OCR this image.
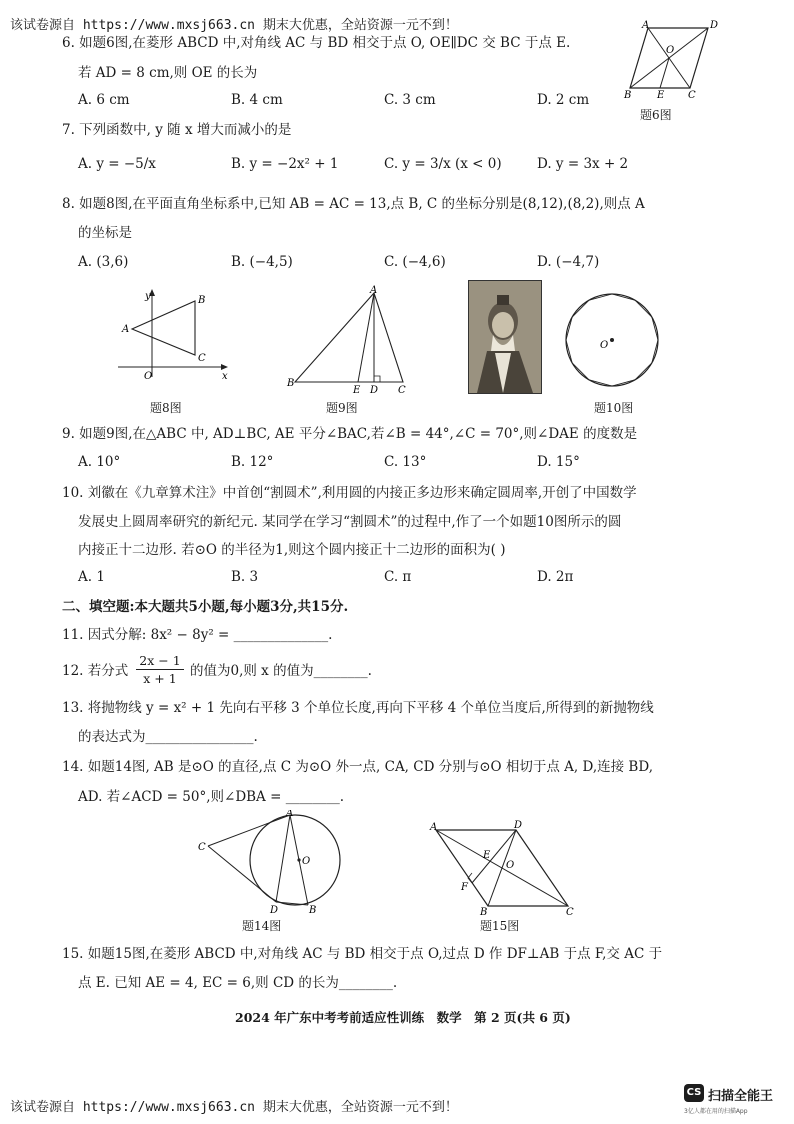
该试卷源自 https://www.mxsj663.cn 期末大优惠，全站资源一元不到！
6. 如题6图,在菱形 ABCD 中,对角线 AC 与 BD 相交于点 O, OE∥DC 交 BC 于点 E.
若 AD = 8 cm,则 OE 的长为
A. 6 cm	B. 4 cm	C. 3 cm	D. 2 cm
A	D
O
B	E C
题6图
7. 下列函数中, y 随 x 增大而减小的是
A. y = −5/x	B. y = −2x² + 1	C. y = 3/x (x < 0)	D. y = 3x + 2
8. 如题8图,在平面直角坐标系中,已知 AB = AC = 13,点 B, C 的坐标分别是(8,12),(8,2),则点 A
的坐标是
A. (3,6)	B. (−4,5)	C. (−4,6)	D. (−4,7)
y	B
A
C
O	x
题8图
A
B
E D C
题9图
O
题10图
9. 如题9图,在△ABC 中, AD⊥BC, AE 平分∠BAC,若∠B = 44°,∠C = 70°,则∠DAE 的度数是
A. 10°	B. 12°	C. 13°	D. 15°
10. 刘徽在《九章算术注》中首创“割圆术”,利用圆的内接正多边形来确定圆周率,开创了中国数学
发展史上圆周率研究的新纪元. 某同学在学习“割圆术”的过程中,作了一个如题10图所示的圆
内接正十二边形. 若⊙O 的半径为1,则这个圆内接正十二边形的面积为( )
A. 1	B. 3	C. π	D. 2π
二、填空题:本大题共5小题,每小题3分,共15分.
11. 因式分解: 8x² − 8y² = ______________.
12. 若分式 $\frac{2x - 1}{x + 1}$ 的值为0,则 x 的值为________.
13. 将抛物线 y = x² + 1 先向右平移 3 个单位长度,再向下平移 4 个单位当度后,所得到的新抛物线
的表达式为________________.
14. 如题14图, AB 是⊙O 的直径,点 C 为⊙O 外一点, CA, CD 分别与⊙O 相切于点 A, D,连接 BD,
AD. 若∠ACD = 50°,则∠DBA = ________.
A
C
O
D	B
题14图
A	D
E
O
F
B	C
题15图
15. 如题15图,在菱形 ABCD 中,对角线 AC 与 BD 相交于点 O,过点 D 作 DF⊥AB 于点 F,交 AC 于
点 E. 已知 AE = 4, EC = 6,则 CD 的长为________.
2024 年广东中考考前适应性训练　数学　第 2 页(共 6 页)
该试卷源自 https://www.mxsj663.cn 期末大优惠，全站资源一元不到！
CS 扫描全能王
3亿人都在用的扫描App
